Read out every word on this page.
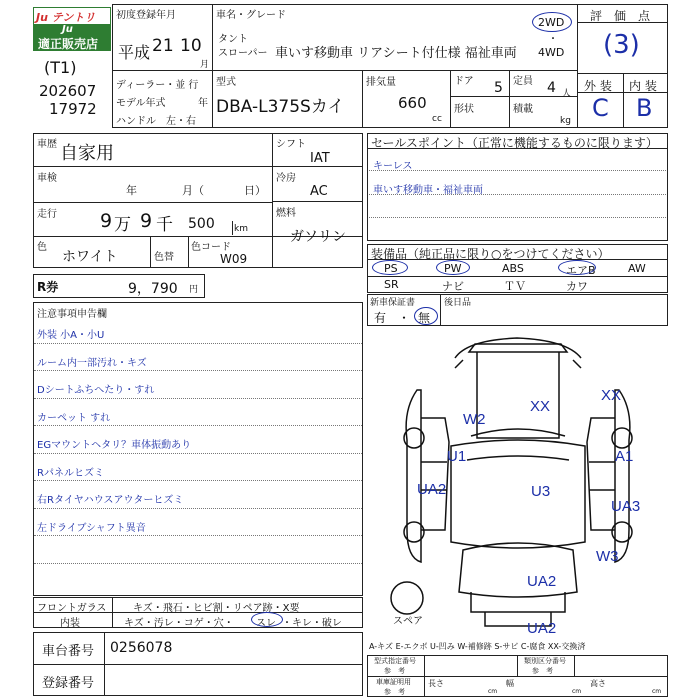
Ju テントリ
Ju
適正販売店
(T1)
202607
17972
初度登録年月
平成 21 10
月
車名・グレード
タント
スローパー 車いす移動車 リアシート付仕様 福祉車両
2WD
・
4WD
評　価　点
(3)
ディーラー・並 行
モデル年式	年
ハンドル　左・右
型式
DBA-L375Sカイ
排気量
660
cc
ドア 5 定員 4 人
形状	積載
kg
外 装
C
内 装
B
車歴 自家用
車検
年	月（	日）
走行 9 万 9 千 500 km
色
ホワイト	色替
色コード
W09
シフト
IAT
冷房
AC
燃料
ガソリン
R券	9，790 円
セールスポイント（正常に機能するものに限ります）
キーレス
車いす移動車・福祉車両
装備品（純正品に限り○をつけてください）
PS	PW	ABS	エアB	AW
SR	ナビ	ＴＶ	カワ
新車保証書
有　・ 無
後日品
注意事項申告欄
外装 小A・小U
ルーム内一部汚れ・キズ
Dシートふちへたり・すれ
カーペット すれ
EGマウントヘタリ？車体振動あり
Rパネルヒズミ
右Rタイヤハウスアウターヒズミ
左ドライブシャフト異音
フロントガラス	キズ・飛石・ヒビ割・リペア跡・X要
内装	キズ・汚レ・コゲ・穴・ スレ ・キレ・破レ
車台番号 0256078
登録番号
XX
XX
W2
U1	A1
UA2	U3
UA3
W3
UA2
UA2
スペア
A-キズ E-エクボ U-凹み W-補修跡 S-サビ C-腐食 XX-交換済
型式指定番号
参　考
類別区分番号
参　考
車庫証明用
参　考
長さ
cm
幅
cm
高さ
cm
